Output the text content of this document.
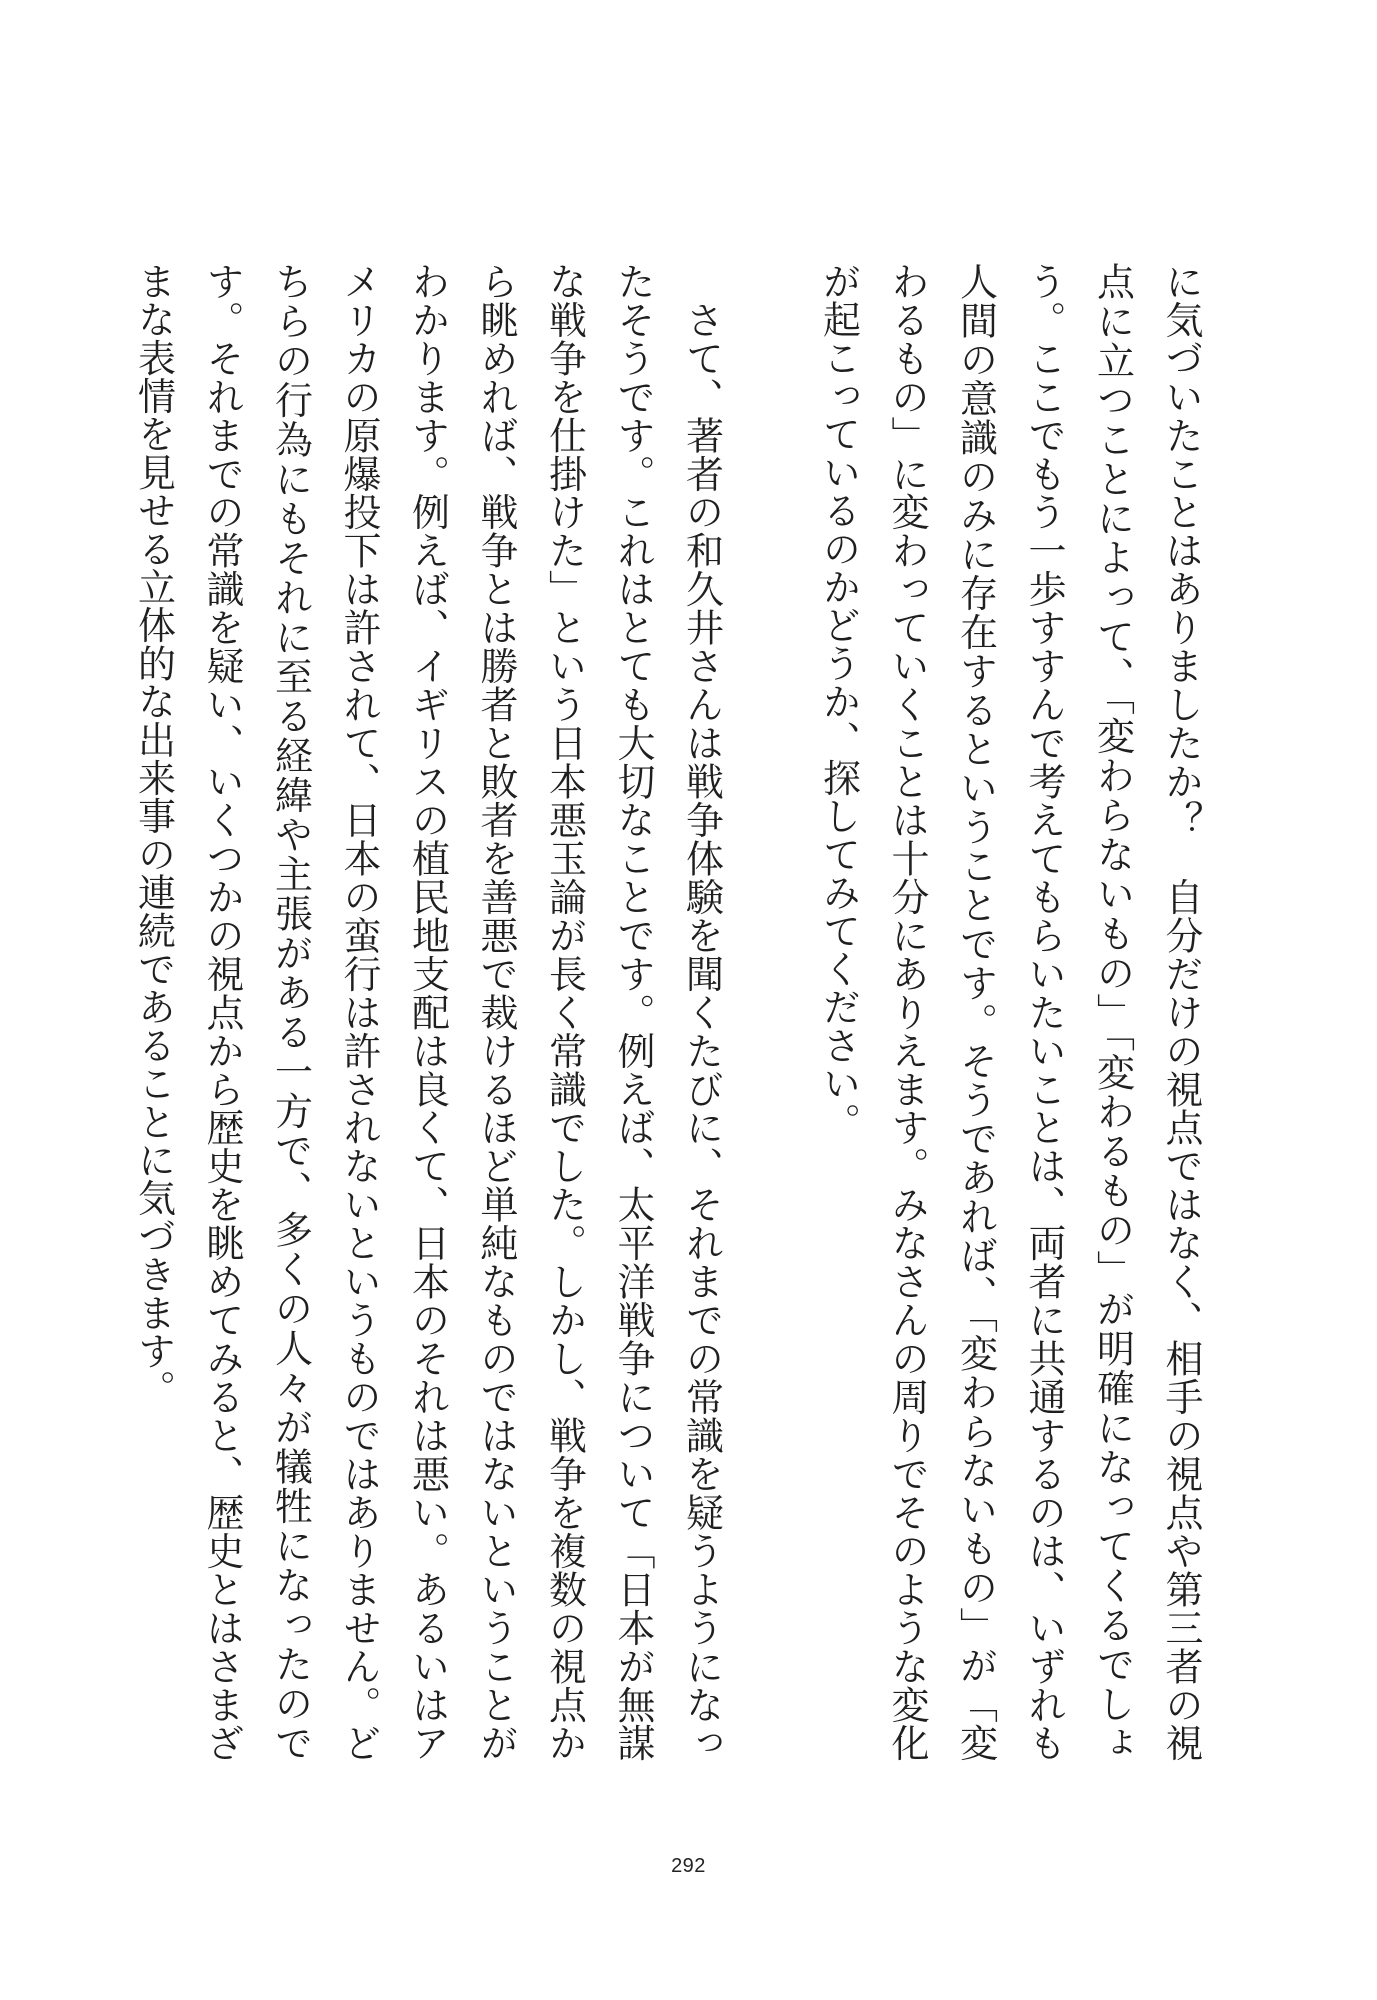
に気づいたことはありましたか？　自分だけの視点ではなく、相手の視点や第三者の視点に立つことによって、「変わらないもの」「変わるもの」が明確になってくるでしょう。ここでもう一歩すすんで考えてもらいたいことは、両者に共通するのは、いずれも人間の意識のみに存在するということです。そうであれば、「変わらないもの」が「変わるもの」に変わっていくことは十分にありえます。みなさんの周りでそのような変化が起こっているのかどうか、探してみてください。

　さて、著者の和久井さんは戦争体験を聞くたびに、それまでの常識を疑うようになったそうです。これはとても大切なことです。例えば、太平洋戦争について「日本が無謀な戦争を仕掛けた」という日本悪玉論が長く常識でした。しかし、戦争を複数の視点から眺めれば、戦争とは勝者と敗者を善悪で裁けるほど単純なものではないということがわかります。例えば、イギリスの植民地支配は良くて、日本のそれは悪い。あるいはアメリカの原爆投下は許されて、日本の蛮行は許されないというものではありません。どちらの行為にもそれに至る経緯や主張がある一方で、多くの人々が犠牲になったのです。それまでの常識を疑い、いくつかの視点から歴史を眺めてみると、歴史とはさまざまな表情を見せる立体的な出来事の連続であることに気づきます。

292
